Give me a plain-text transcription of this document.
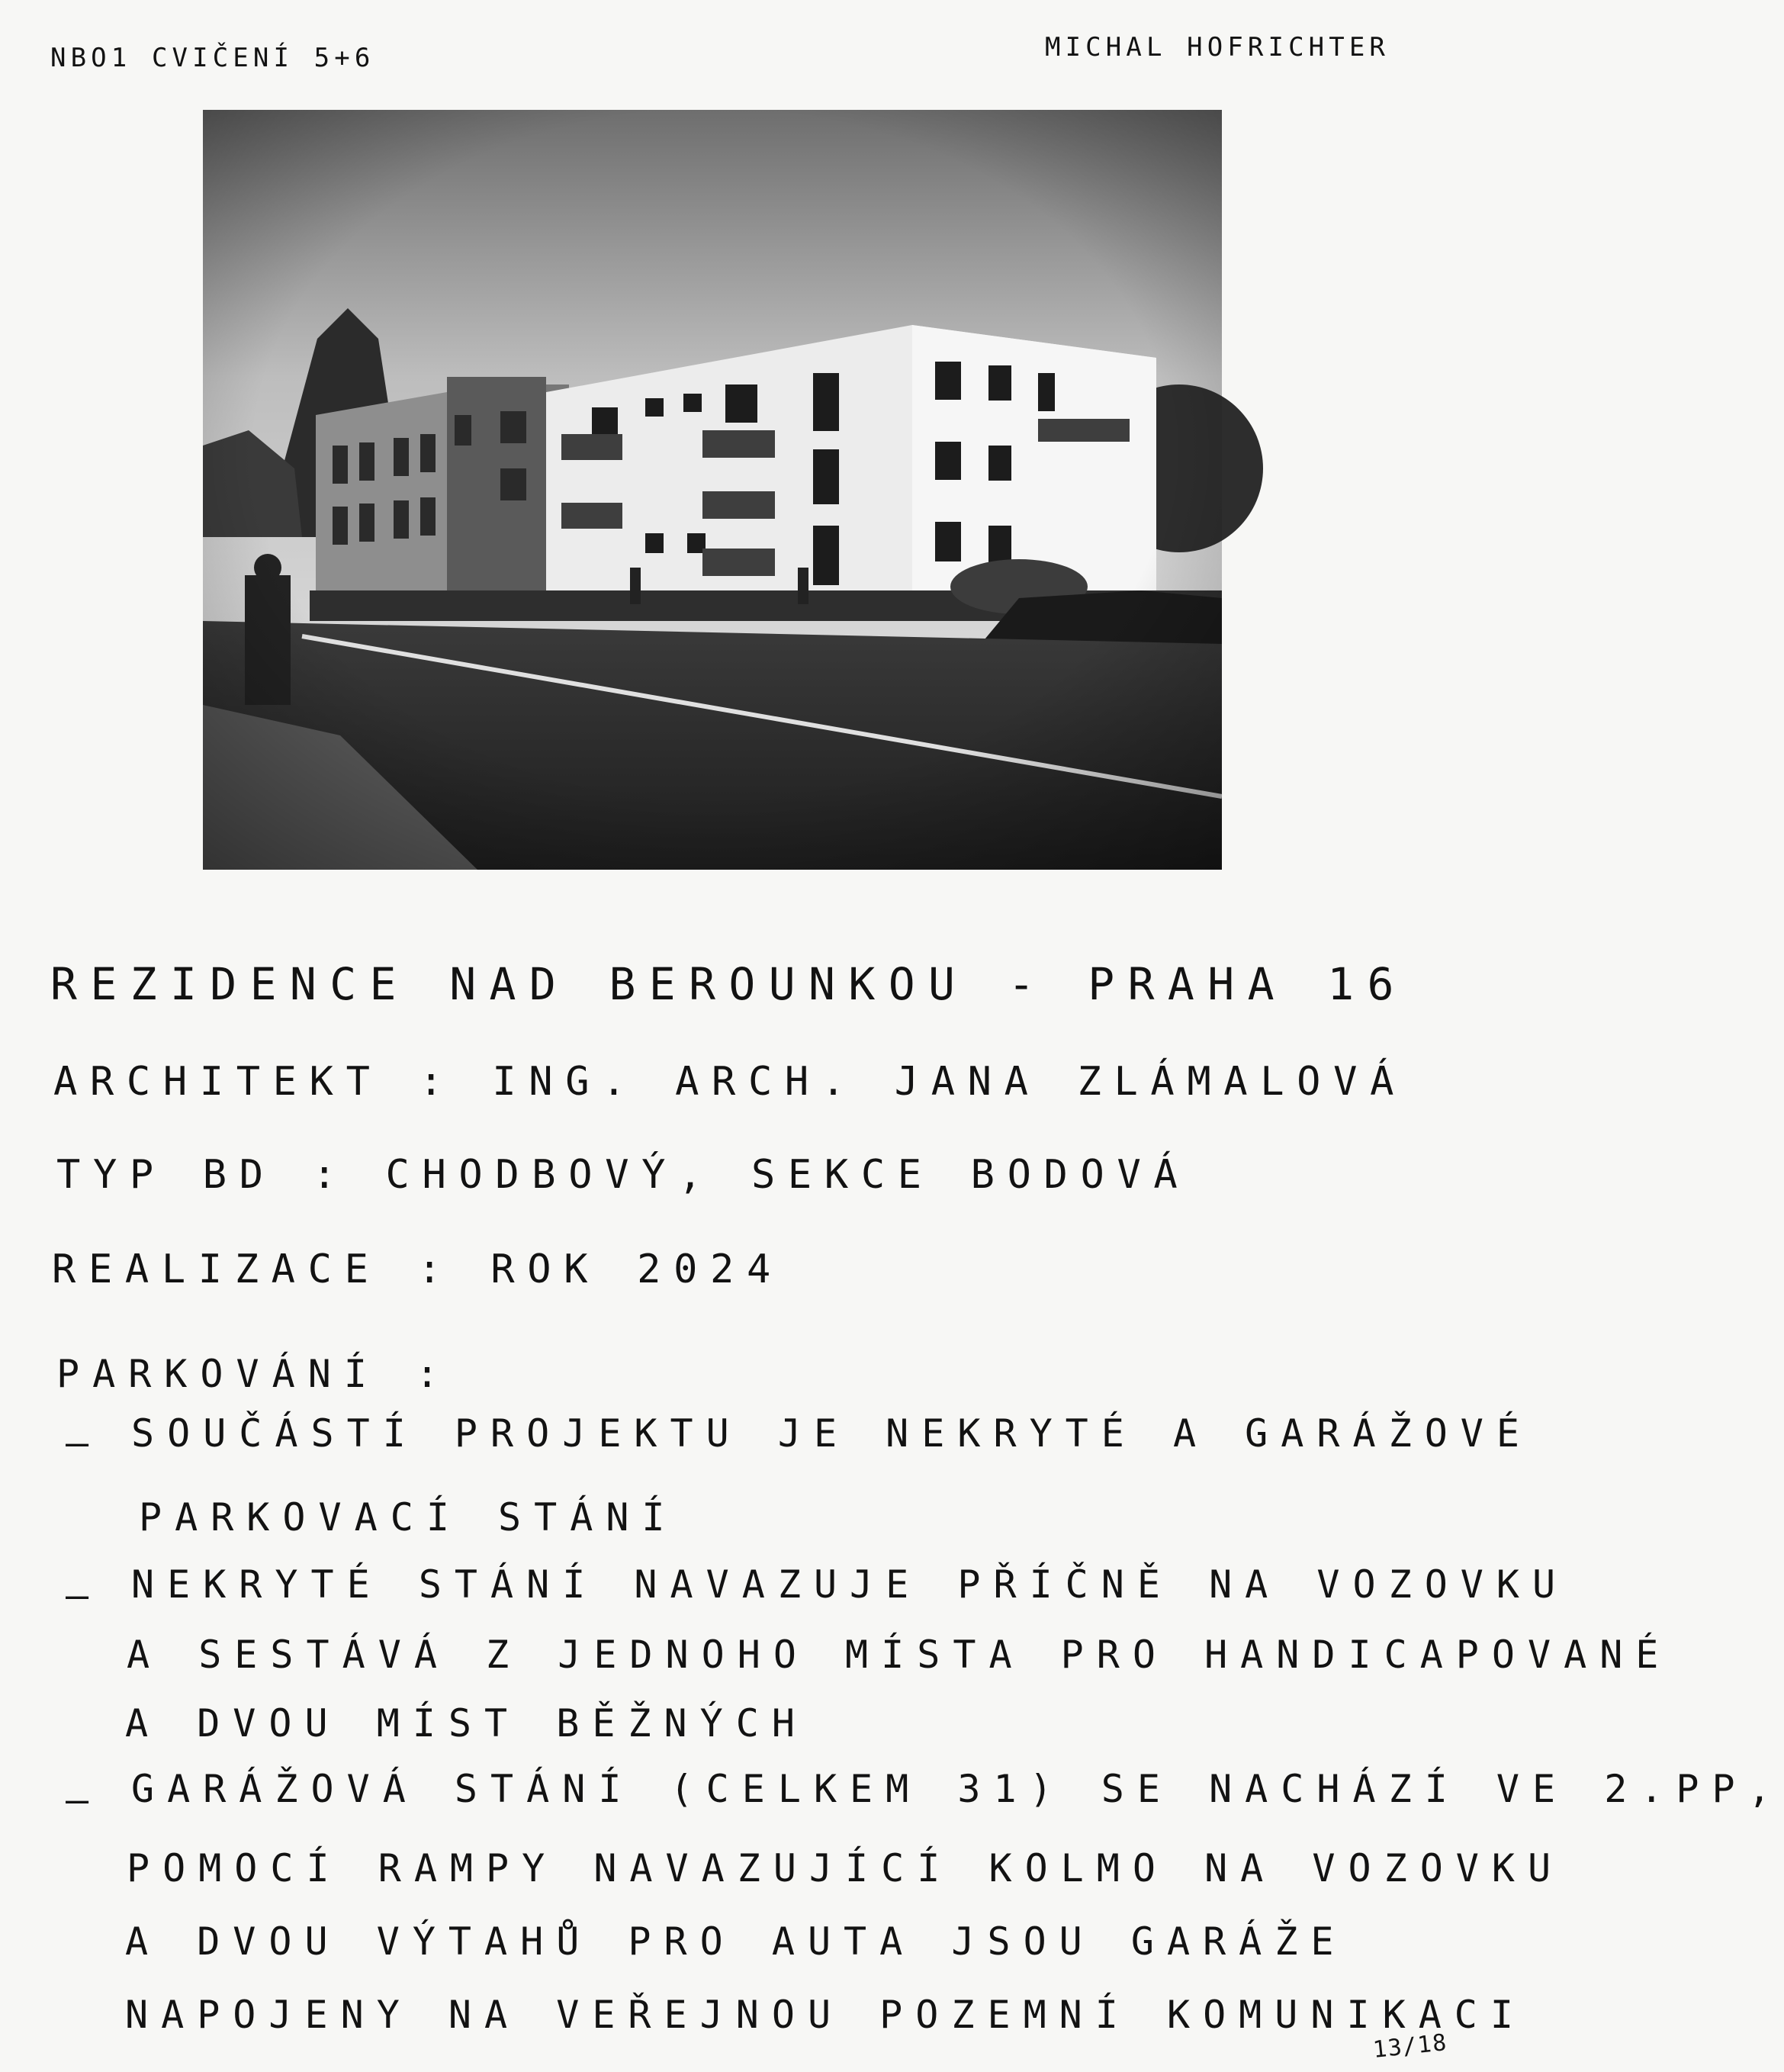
NBO1 CVIČENÍ 5+6	MICHAL HOFRICHTER
REZIDENCE NAD BEROUNKOU - PRAHA 16
ARCHITEKT : ING. ARCH. JANA ZLÁMALOVÁ
TYP BD : CHODBOVÝ, SEKCE BODOVÁ
REALIZACE : ROK 2024
PARKOVÁNÍ :
– SOUČÁSTÍ PROJEKTU JE NEKRYTÉ A GARÁŽOVÉ
PARKOVACÍ STÁNÍ
– NEKRYTÉ STÁNÍ NAVAZUJE PŘÍČNĚ NA VOZOVKU
A SESTÁVÁ Z JEDNOHO MÍSTA PRO HANDICAPOVANÉ
A DVOU MÍST BĚŽNÝCH
– GARÁŽOVÁ STÁNÍ (CELKEM 31) SE NACHÁZÍ VE 2.PP,
POMOCÍ RAMPY NAVAZUJÍCÍ KOLMO NA VOZOVKU
A DVOU VÝTAHŮ PRO AUTA JSOU GARÁŽE
NAPOJENY NA VEŘEJNOU POZEMNÍ KOMUNIKACI
13/18
